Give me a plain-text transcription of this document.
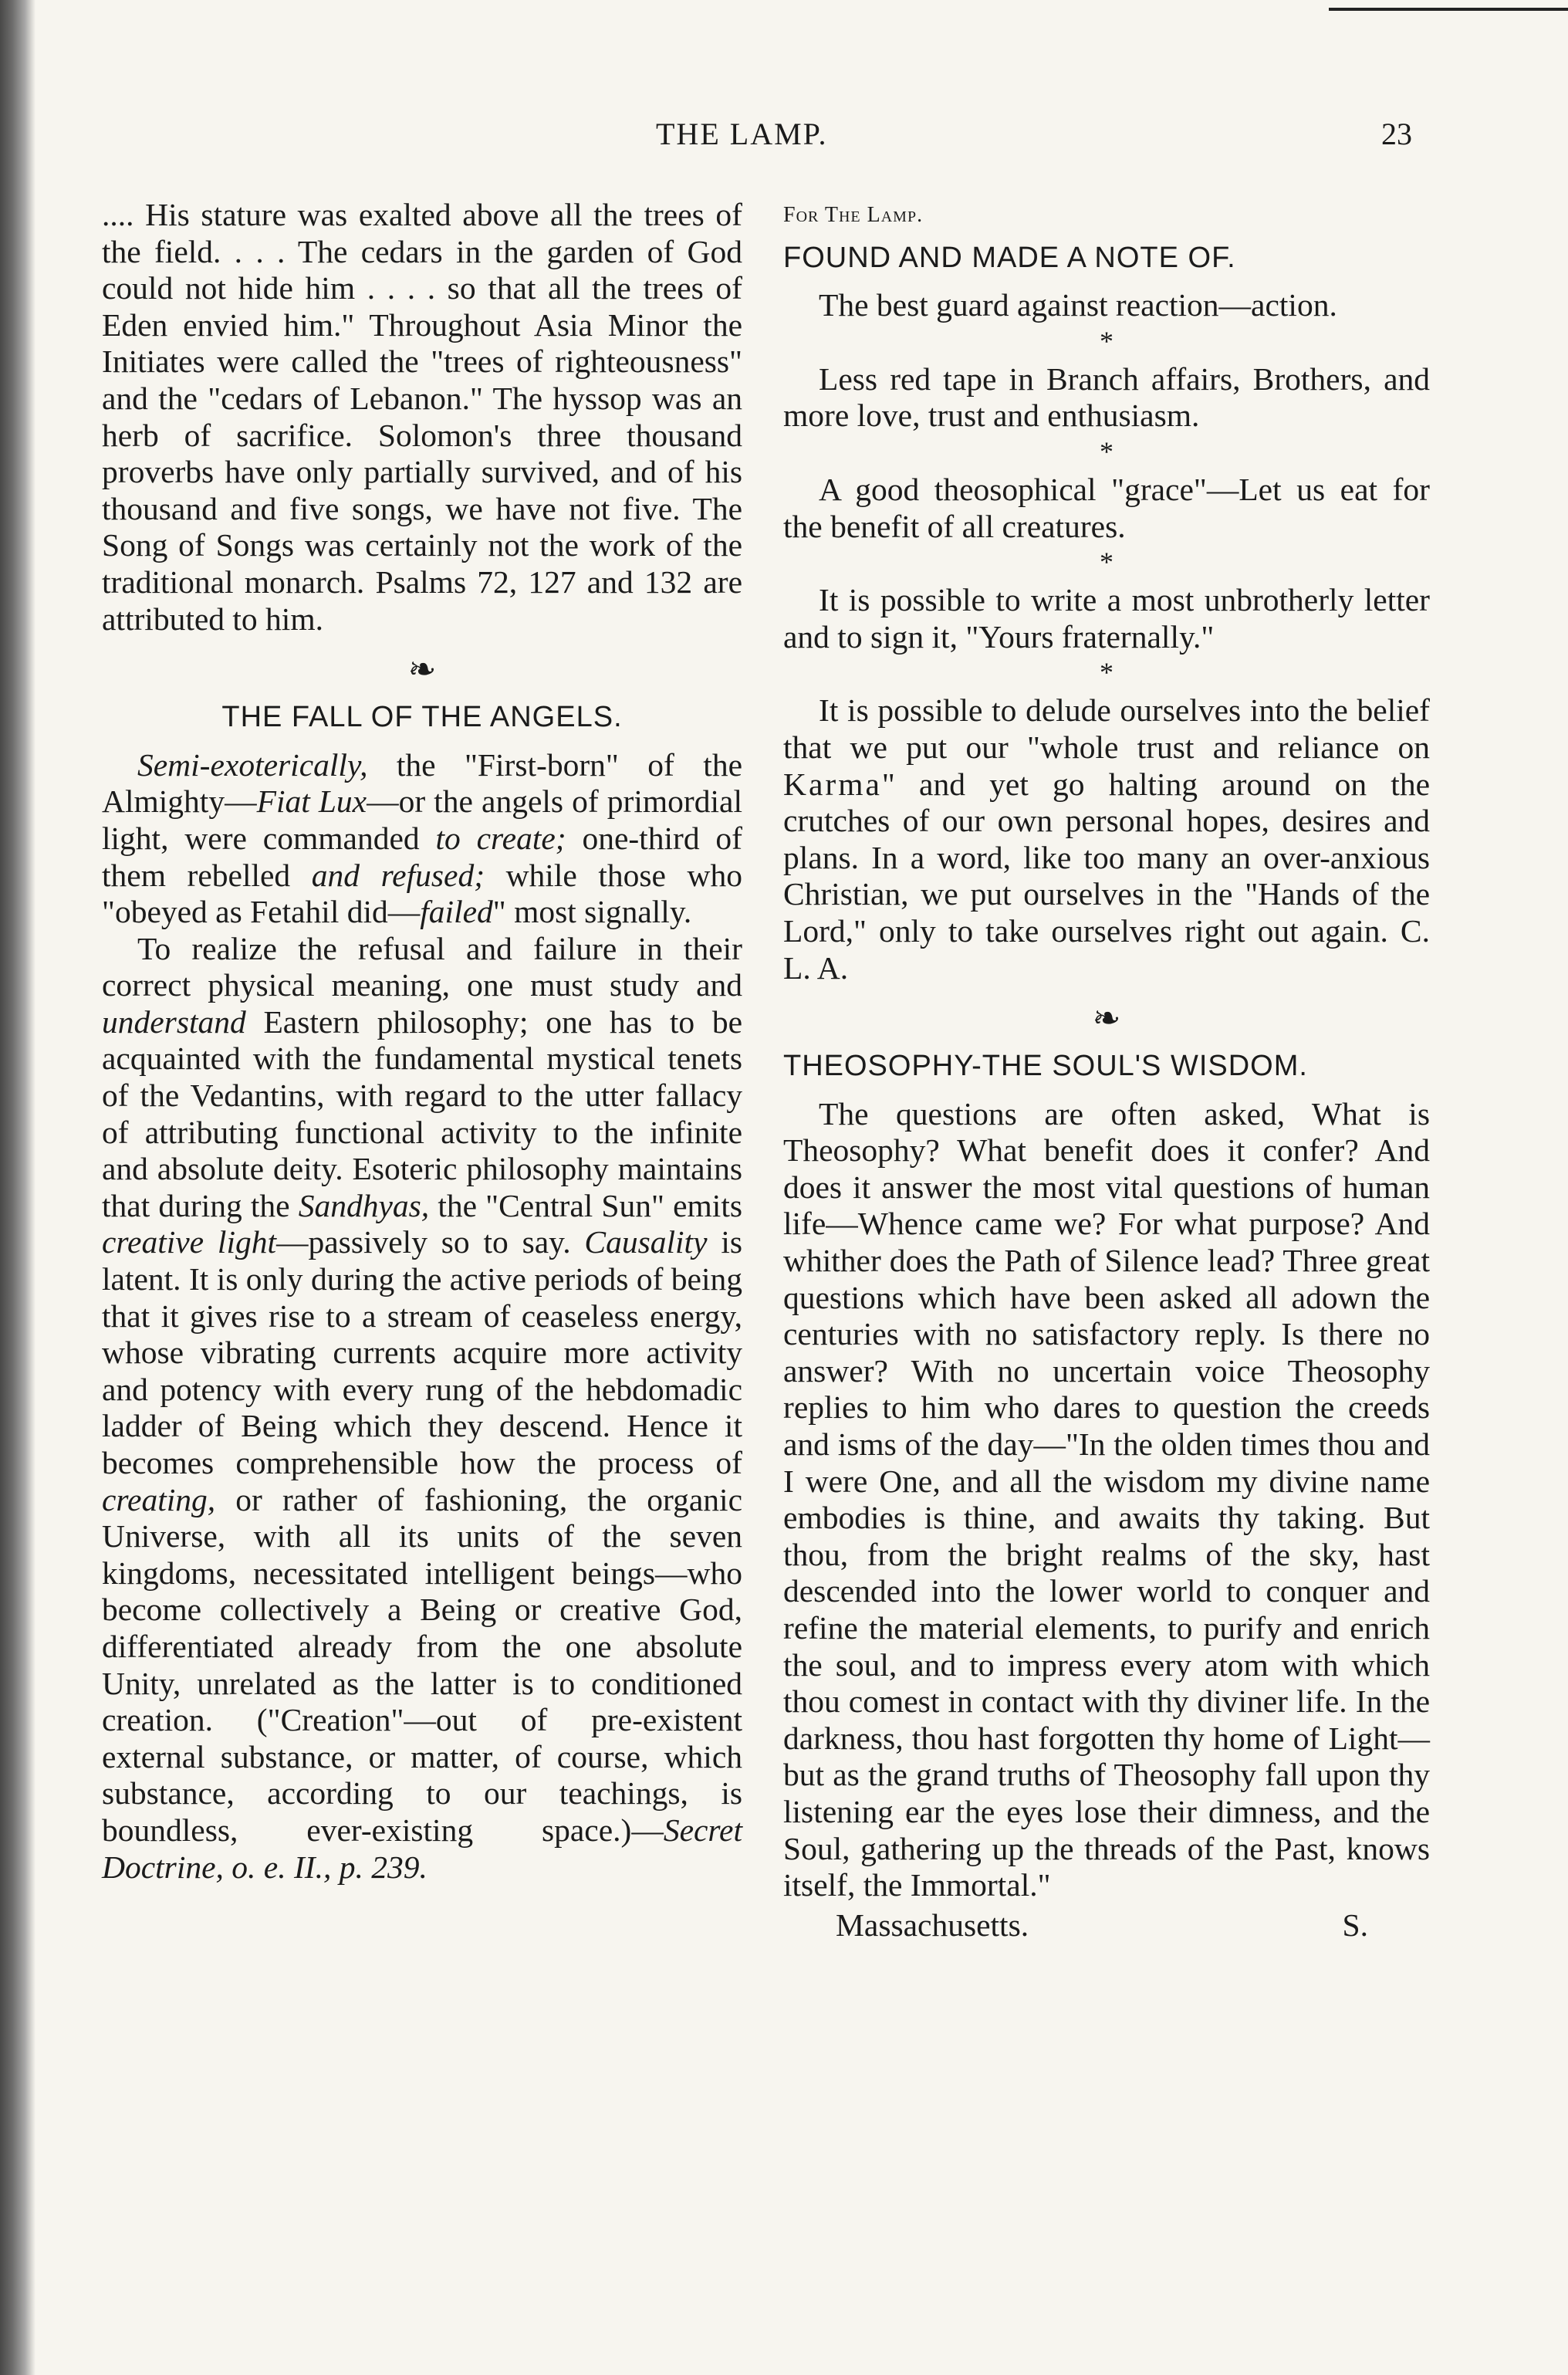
THE LAMP.	23

.... His stature was exalted above all the trees of the field. . . . The cedars in the garden of God could not hide him . . . . so that all the trees of Eden envied him." Throughout Asia Minor the Initiates were called the "trees of righteousness" and the "cedars of Lebanon." The hyssop was an herb of sacrifice. Solomon's three thousand proverbs have only partially survived, and of his thousand and five songs, we have not five. The Song of Songs was certainly not the work of the traditional monarch. Psalms 72, 127 and 132 are attributed to him.

❧
THE FALL OF THE ANGELS.

Semi-exoterically, the "First-born" of the Almighty—Fiat Lux—or the angels of primordial light, were commanded to create; one-third of them rebelled and refused; while those who "obeyed as Fetahil did—failed" most signally.

To realize the refusal and failure in their correct physical meaning, one must study and understand Eastern philosophy; one has to be acquainted with the fundamental mystical tenets of the Vedantins, with regard to the utter fallacy of attributing functional activity to the infinite and absolute deity. Esoteric philosophy maintains that during the Sandhyas, the "Central Sun" emits creative light—passively so to say. Causality is latent. It is only during the active periods of being that it gives rise to a stream of ceaseless energy, whose vibrating currents acquire more activity and potency with every rung of the hebdomadic ladder of Being which they descend. Hence it becomes comprehensible how the process of creating, or rather of fashioning, the organic Universe, with all its units of the seven kingdoms, necessitated intelligent beings—who become collectively a Being or creative God, differentiated already from the one absolute Unity, unrelated as the latter is to conditioned creation. ("Creation"—out of pre-existent external substance, or matter, of course, which substance, according to our teachings, is boundless, ever-existing space.)—Secret Doctrine, o. e. II., p. 239.

For The Lamp.
FOUND AND MADE A NOTE OF.

The best guard against reaction—action.

*

Less red tape in Branch affairs, Brothers, and more love, trust and enthusiasm.

*

A good theosophical "grace"—Let us eat for the benefit of all creatures.

*

It is possible to write a most unbrotherly letter and to sign it, "Yours fraternally."

*

It is possible to delude ourselves into the belief that we put our "whole trust and reliance on Karma" and yet go halting around on the crutches of our own personal hopes, desires and plans. In a word, like too many an over-anxious Christian, we put ourselves in the "Hands of the Lord," only to take ourselves right out again. C. L. A.

❧
THEOSOPHY-THE SOUL'S WISDOM.

The questions are often asked, What is Theosophy? What benefit does it confer? And does it answer the most vital questions of human life—Whence came we? For what purpose? And whither does the Path of Silence lead? Three great questions which have been asked all adown the centuries with no satisfactory reply. Is there no answer? With no uncertain voice Theosophy replies to him who dares to question the creeds and isms of the day—"In the olden times thou and I were One, and all the wisdom my divine name embodies is thine, and awaits thy taking. But thou, from the bright realms of the sky, hast descended into the lower world to conquer and refine the material elements, to purify and enrich the soul, and to impress every atom with which thou comest in contact with thy diviner life. In the darkness, thou hast forgotten thy home of Light—but as the grand truths of Theosophy fall upon thy listening ear the eyes lose their dimness, and the Soul, gathering up the threads of the Past, knows itself, the Immortal."

Massachusetts.	S.
